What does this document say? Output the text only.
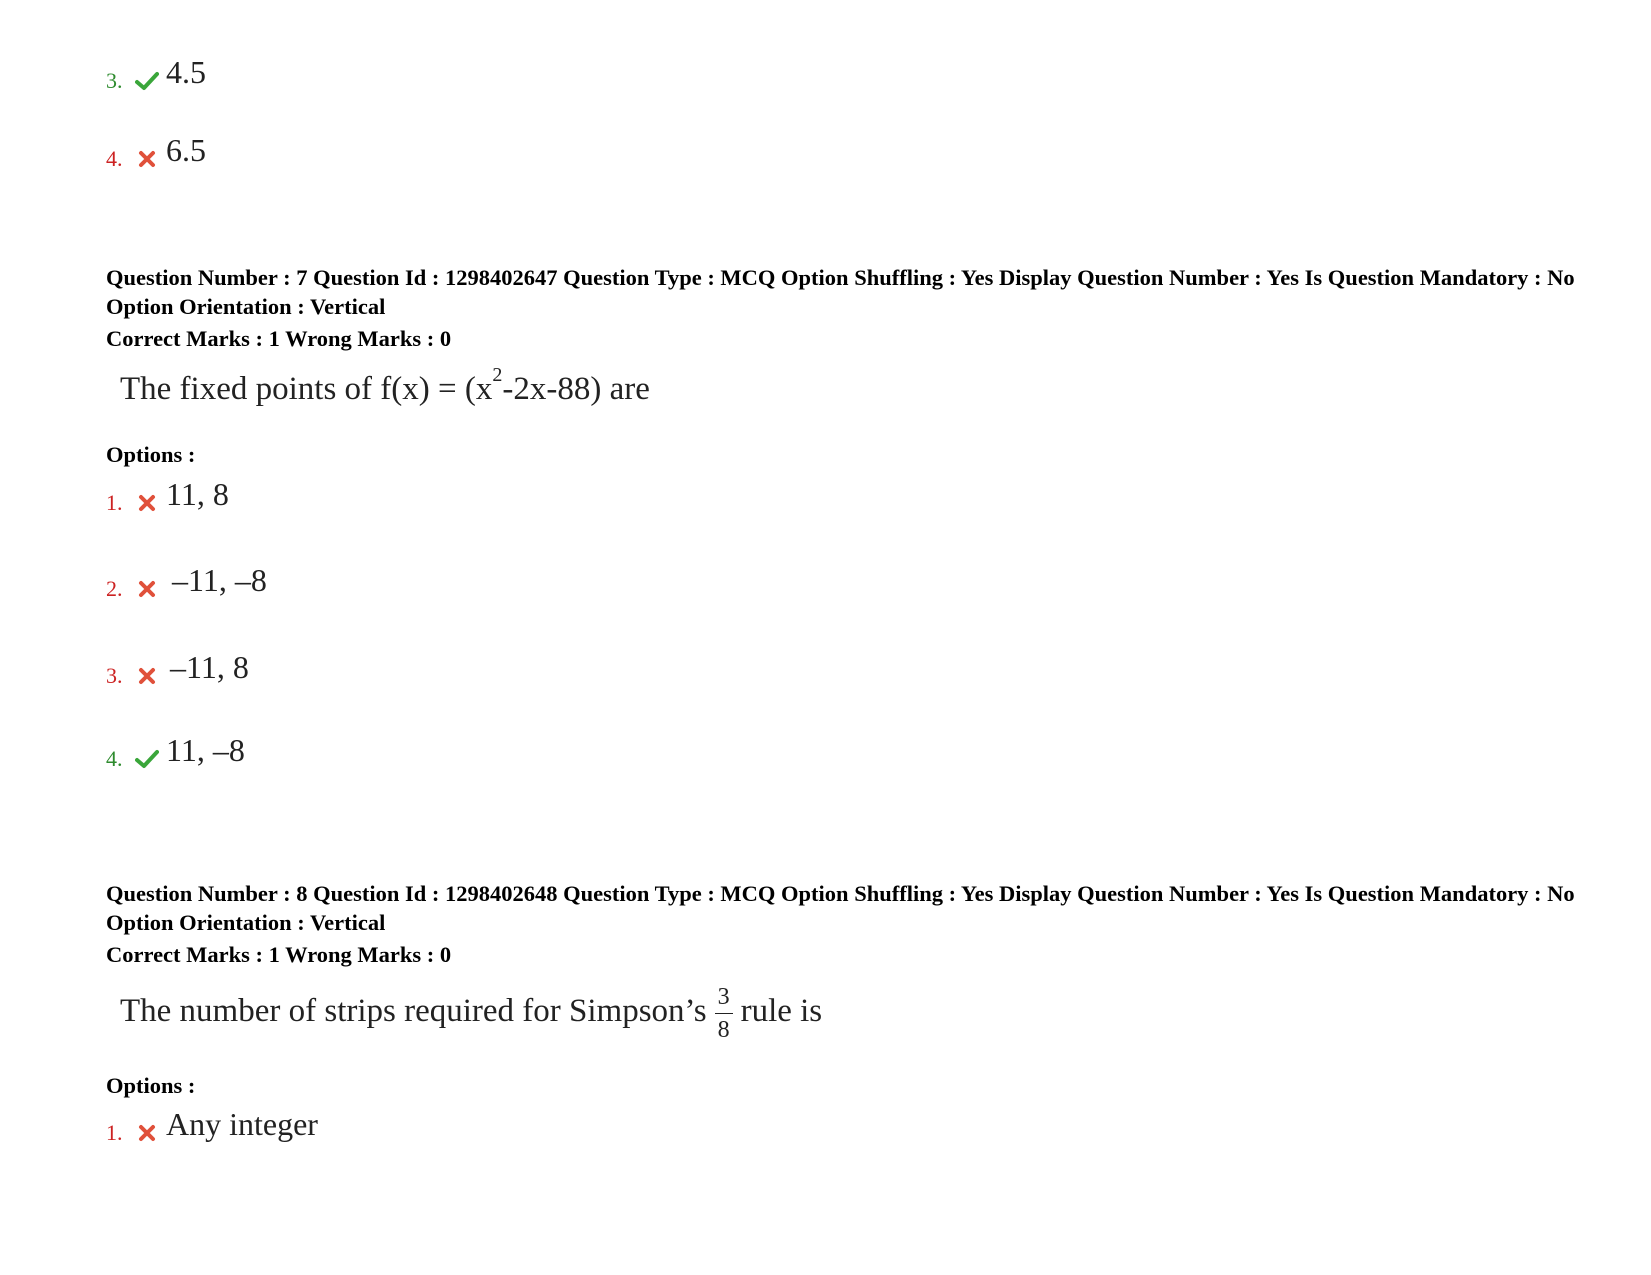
3. 4.5
4. 6.5
Question Number : 7 Question Id : 1298402647 Question Type : MCQ Option Shuffling : Yes Display Question Number : Yes Is Question Mandatory : No Option Orientation : Vertical
Correct Marks : 1 Wrong Marks : 0
The fixed points of $f(x) = (x^2-2x-88)$ are
Options :
1. 11, 8
2. –11, –8
3. –11, 8
4. 11, –8
Question Number : 8 Question Id : 1298402648 Question Type : MCQ Option Shuffling : Yes Display Question Number : Yes Is Question Mandatory : No Option Orientation : Vertical
Correct Marks : 1 Wrong Marks : 0
The number of strips required for Simpson’s $\frac{3}{8}$ rule is
Options :
1. Any integer
